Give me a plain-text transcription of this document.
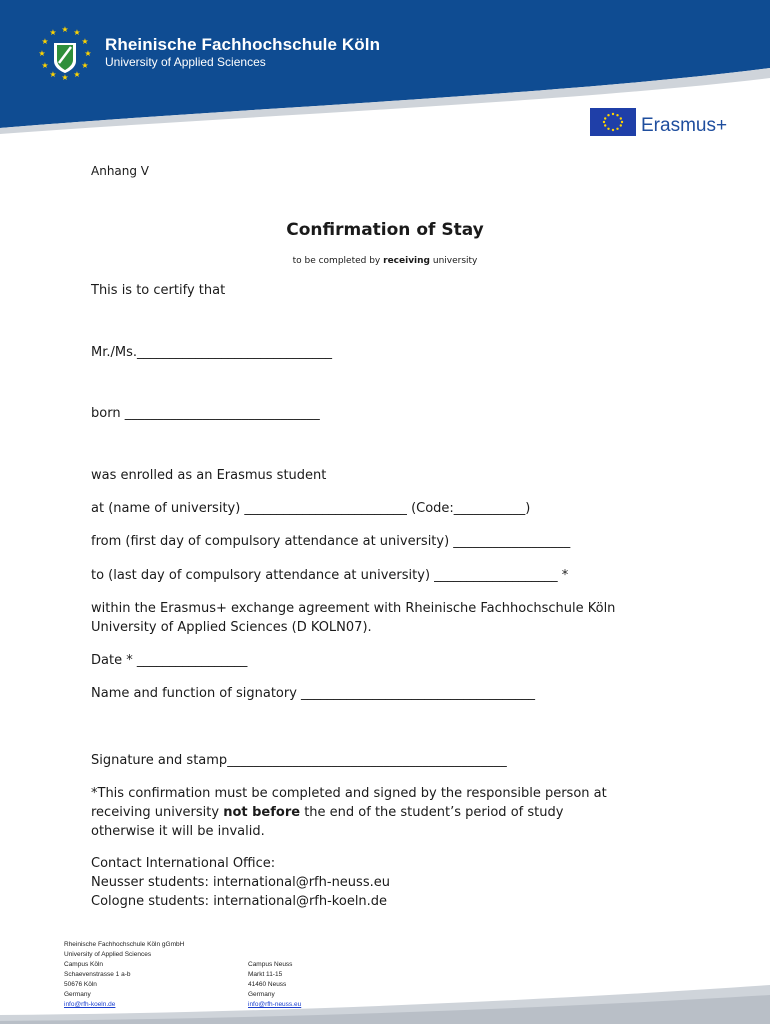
★ ★
★
★
★
★
★
★
★
★
★
★
Rheinische Fachhochschule Köln
University of Applied Sciences
Erasmus+
Anhang V
Confirmation of Stay
to be completed by receiving university
This is to certify that
Mr./Ms.______________________________
born ______________________________
was enrolled as an Erasmus student
at (name of university) _________________________ (Code:___________)
from (first day of compulsory attendance at university) __________________
to (last day of compulsory attendance at university) ___________________ *
within the Erasmus+ exchange agreement with Rheinische Fachhochschule Köln
University of Applied Sciences (D KOLN07).
Date * _________________
Name and function of signatory ____________________________________
Signature and stamp___________________________________________
*This confirmation must be completed and signed by the responsible person at
receiving university not before the end of the student’s period of study
otherwise it will be invalid.
Contact International Office:
Neusser students: international@rfh-neuss.eu
Cologne students: international@rfh-koeln.de
Rheinische Fachhochschule Köln gGmbH
University of Applied Sciences
Campus Köln
Schaevenstrasse 1 a-b
50676 Köln
Germany
info@rfh-koeln.de
Campus Neuss
Markt 11-15
41460 Neuss
Germany
info@rfh-neuss.eu
